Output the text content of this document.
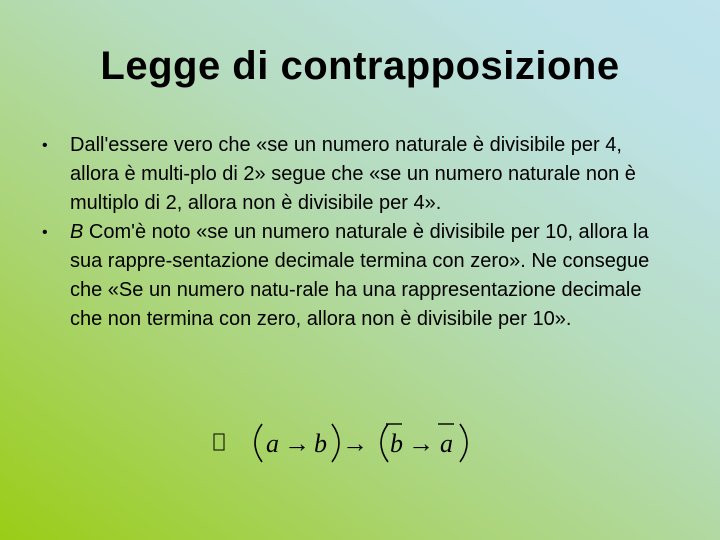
Legge di contrapposizione
• Dall'essere vero che «se un numero naturale è divisibile per 4, allora è multi-plo di 2» segue che «se un numero naturale non è multiplo di 2, allora non è divisibile per 4».
• B Com'è noto «se un numero naturale è divisibile per 10, allora la sua rappre-sentazione decimale termina con zero». Ne consegue che «Se un numero natu-rale ha una rappresentazione decimale che non termina con zero, allora non è divisibile per 10».
a → b → b → a
